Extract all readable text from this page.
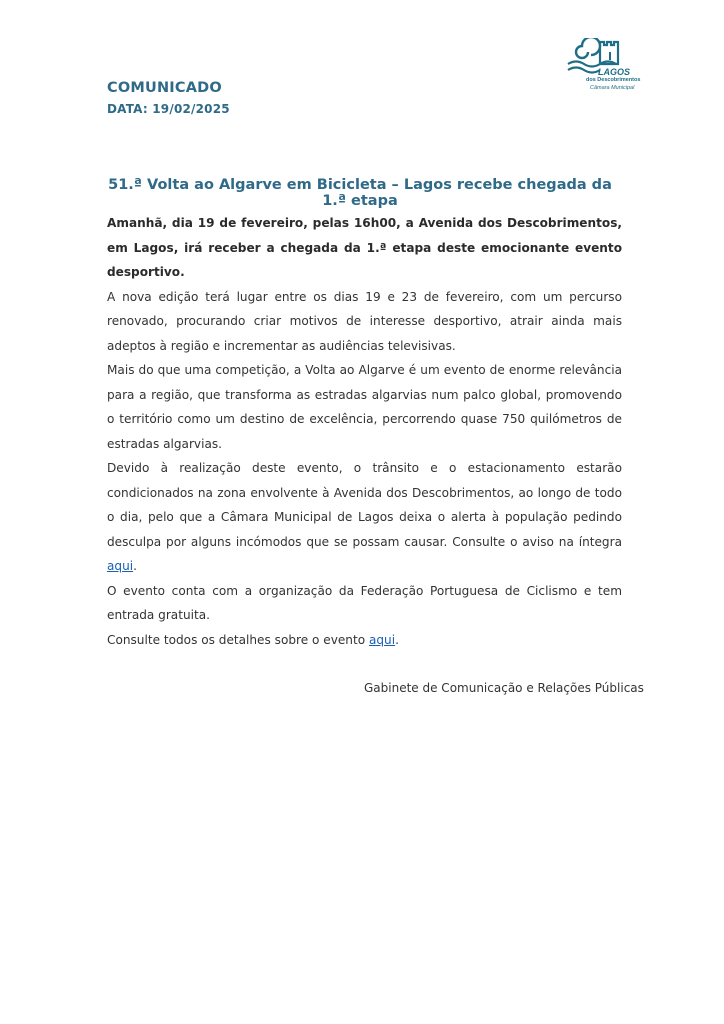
COMUNICADO
DATA: 19/02/2025
LAGOS
dos Descobrimentos
Câmara Municipal
51.ª Volta ao Algarve em Bicicleta – Lagos recebe chegada da 1.ª etapa

Amanhã, dia 19 de fevereiro, pelas 16h00, a Avenida dos Descobrimentos, em Lagos, irá receber a chegada da 1.ª etapa deste emocionante evento desportivo.

A nova edição terá lugar entre os dias 19 e 23 de fevereiro, com um percurso renovado, procurando criar motivos de interesse desportivo, atrair ainda mais adeptos à região e incrementar as audiências televisivas.

Mais do que uma competição, a Volta ao Algarve é um evento de enorme relevância para a região, que transforma as estradas algarvias num palco global, promovendo o território como um destino de excelência, percorrendo quase 750 quilómetros de estradas algarvias.

Devido à realização deste evento, o trânsito e o estacionamento estarão condicionados na zona envolvente à Avenida dos Descobrimentos, ao longo de todo o dia, pelo que a Câmara Municipal de Lagos deixa o alerta à população pedindo desculpa por alguns incómodos que se possam causar. Consulte o aviso na íntegra aqui.

O evento conta com a organização da Federação Portuguesa de Ciclismo e tem entrada gratuita.

Consulte todos os detalhes sobre o evento aqui.

Gabinete de Comunicação e Relações Públicas
